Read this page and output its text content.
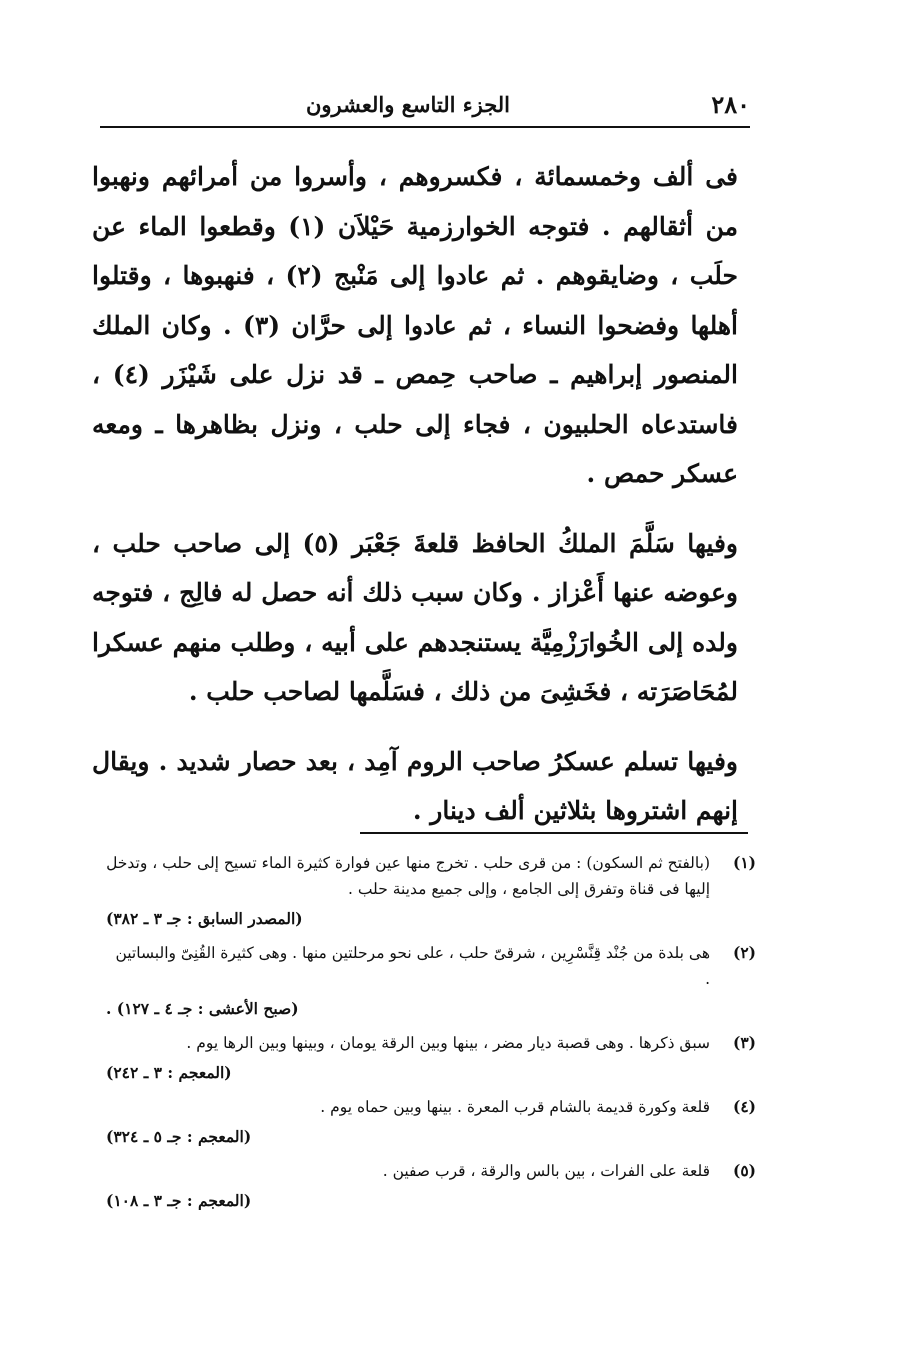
٢٨٠
الجزء التاسع والعشرون

فى ألف وخمسمائة ، فكسروهم ، وأسروا من أمرائهم ونهبوا من أثقالهم . فتوجه الخوارزمية حَيْلاَن (١) وقطعوا الماء عن حلَب ، وضايقوهم . ثم عادوا إلى مَنْبج (٢) ، فنهبوها ، وقتلوا أهلها وفضحوا النساء ، ثم عادوا إلى حرَّان (٣) . وكان الملك المنصور إبراهيم ـ صاحب حِمص ـ قد نزل على شَيْزَر (٤) ، فاستدعاه الحلبيون ، فجاء إلى حلب ، ونزل بظاهرها ـ ومعه عسكر حمص .

وفيها سَلَّمَ الملكُ الحافظ قلعةَ جَعْبَر (٥) إلى صاحب حلب ، وعوضه عنها أَعْزاز . وكان سبب ذلك أنه حصل له فالِج ، فتوجه ولده إلى الخُوارَزْمِيَّة يستنجدهم على أبيه ، وطلب منهم عسكرا لمُحَاصَرَته ، فخَشِىَ من ذلك ، فسَلَّمها لصاحب حلب .

وفيها تسلم عسكرُ صاحب الروم آمِد ، بعد حصار شديد . ويقال إنهم اشتروها بثلاثين ألف دينار .

(١)
(بالفتح ثم السكون) : من قرى حلب . تخرج منها عين فوارة كثيرة الماء تسيح إلى حلب ، وتدخل إليها فى قناة وتفرق إلى الجامع ، وإلى جميع مدينة حلب .
(المصدر السابق : جـ ٣ ـ ٣٨٢)
(٢)
هى بلدة من جُنْد قِنَّسْرِين ، شرقىّ حلب ، على نحو مرحلتين منها . وهى كثيرة القُنِىّ والبساتين .
(صبح الأعشى : جـ ٤ ـ ١٢٧) .
(٣)
سبق ذكرها . وهى قصبة ديار مضر ، بينها وبين الرقة يومان ، وبينها وبين الرها يوم .
(المعجم : ٣ ـ ٢٤٢)
(٤)
قلعة وكورة قديمة بالشام قرب المعرة . بينها وبين حماه يوم .
(المعجم : جـ ٥ ـ ٣٢٤)
(٥)
قلعة على الفرات ، بين بالس والرقة ، قرب صفين .
(المعجم : جـ ٣ ـ ١٠٨)
